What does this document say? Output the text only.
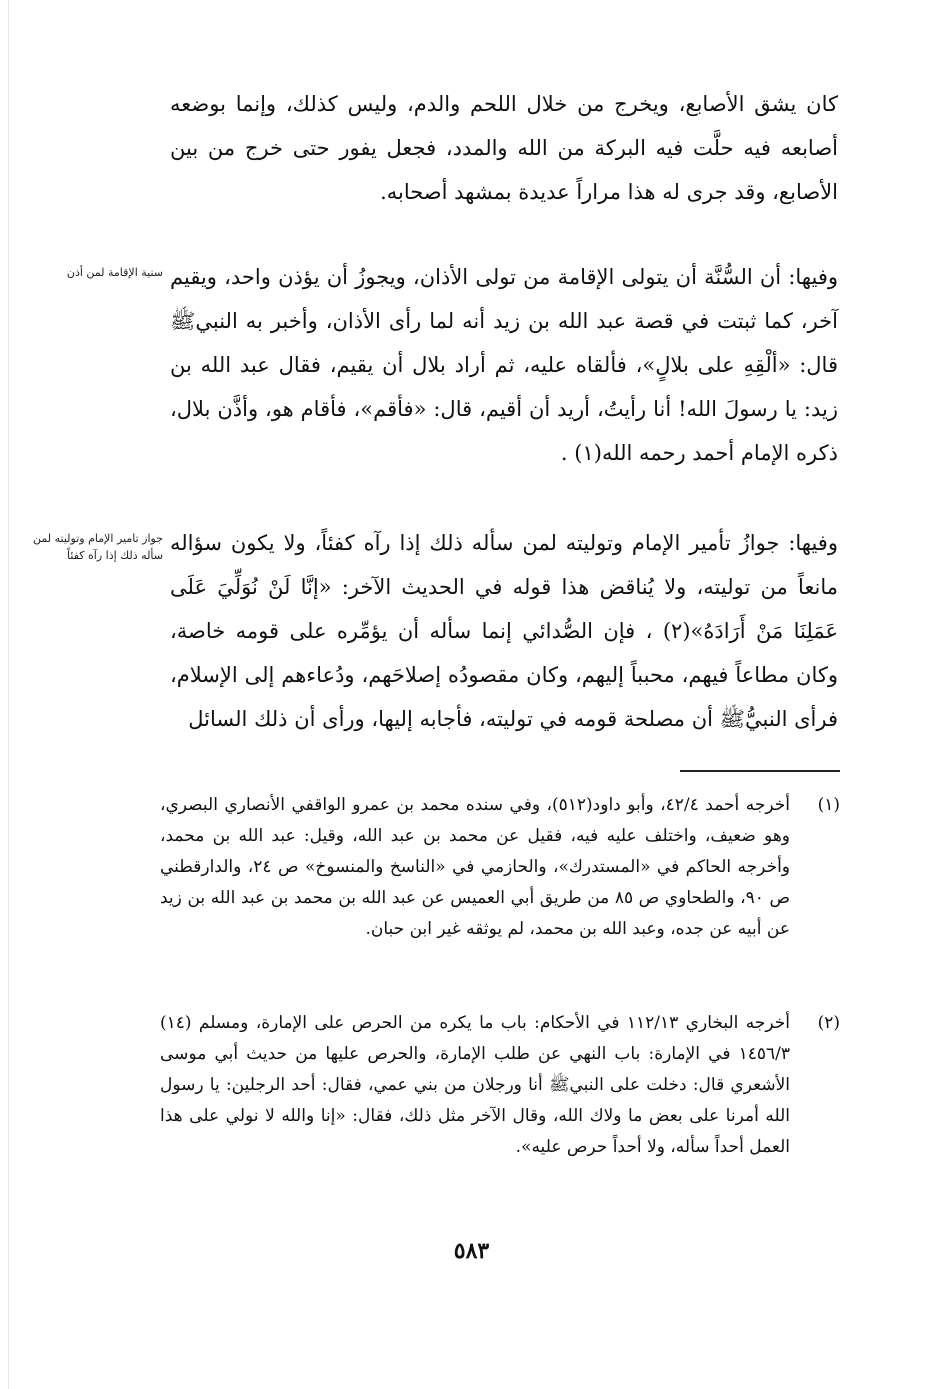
كان يشق الأصابع، ويخرج من خلال اللحم والدم، وليس كذلك، وإنما بوضعه أصابعه فيه حلَّت فيه البركة من الله والمدد، فجعل يفور حتى خرج من بين الأصابع، وقد جرى له هذا مراراً عديدة بمشهد أصحابه.

سنية الإقامة لمن أذن وفيها: أن السُّنَّة أن يتولى الإقامة من تولى الأذان، ويجوزُ أن يؤذن واحد، ويقيم آخر، كما ثبتت في قصة عبد الله بن زيد أنه لما رأى الأذان، وأخبر به النبيﷺ قال: «ألْقِهِ على بلالٍ»، فألقاه عليه، ثم أراد بلال أن يقيم، فقال عبد الله بن زيد: يا رسولَ الله! أنا رأيتُ، أريد أن أقيم، قال: «فأقم»، فأقام هو، وأذَّن بلال، ذكره الإمام أحمد رحمه الله(١) .

جواز تامير الإمام وتوليته لمن سأله ذلك إذا رآه كفئاً

وفيها: جوازُ تأمير الإمام وتوليته لمن سأله ذلك إذا رآه كفئاً، ولا يكون سؤاله مانعاً من توليته، ولا يُناقض هذا قوله في الحديث الآخر: «إنَّا لَنْ نُوَلِّيَ عَلَى عَمَلِنَا مَنْ أَرَادَهُ»(٢) ، فإن الصُّدائي إنما سأله أن يؤمِّره على قومه خاصة، وكان مطاعاً فيهم، محبباً إليهم، وكان مقصودُه إصلاحَهم، ودُعاءهم إلى الإسلام، فرأى النبيُّﷺ أن مصلحة قومه في توليته، فأجابه إليها، ورأى أن ذلك السائل

(١)
أخرجه أحمد ٤٢/٤، وأبو داود(٥١٢)، وفي سنده محمد بن عمرو الواقفي الأنصاري البصري، وهو ضعيف، واختلف عليه فيه، فقيل عن محمد بن عبد الله، وقيل: عبد الله بن محمد، وأخرجه الحاكم في «المستدرك»، والحازمي في «الناسخ والمنسوخ» ص ٢٤، والدارقطني ص ٩٠، والطحاوي ص ٨٥ من طريق أبي العميس عن عبد الله بن محمد بن عبد الله بن زيد عن أبيه عن جده، وعبد الله بن محمد، لم يوثقه غير ابن حبان.
(٢)
أخرجه البخاري ١١٢/١٣ في الأحكام: باب ما يكره من الحرص على الإمارة، ومسلم (١٤) ١٤٥٦/٣ في الإمارة: باب النهي عن طلب الإمارة، والحرص عليها من حديث أبي موسى الأشعري قال: دخلت على النبيﷺ أنا ورجلان من بني عمي، فقال: أحد الرجلين: يا رسول الله أمرنا على بعض ما ولاك الله، وقال الآخر مثل ذلك، فقال: «إنا والله لا نولي على هذا العمل أحداً سأله، ولا أحداً حرص عليه».
٥٨٣
